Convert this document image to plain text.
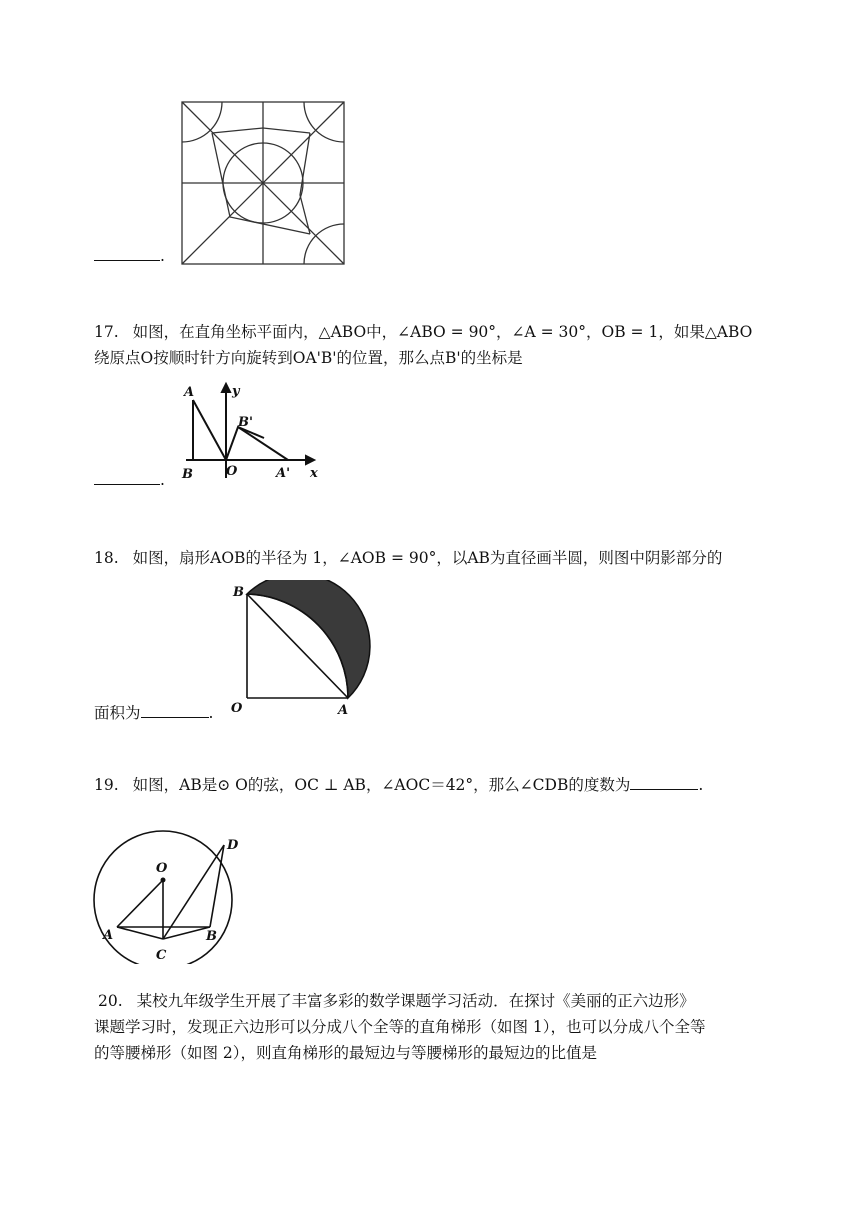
.
17. 如图，在直角坐标平面内，△ABO中，∠ABO = 90°，∠A = 30°，OB = 1，如果△ABO
绕原点O按顺时针方向旋转到OA'B'的位置，那么点B'的坐标是
A	y
B'
B	O	A' x
.
18. 如图，扇形AOB的半径为 1，∠AOB = 90°，以AB为直径画半圆，则图中阴影部分的
B
O	A
面积为	.
19. 如图，AB是⊙ O的弦，OC ⊥ AB，∠AOC＝42°，那么∠CDB的度数为	.
O
D
A	B
C
20. 某校九年级学生开展了丰富多彩的数学课题学习活动．在探讨《美丽的正六边形》
课题学习时，发现正六边形可以分成八个全等的直角梯形（如图 1），也可以分成八个全等
的等腰梯形（如图 2），则直角梯形的最短边与等腰梯形的最短边的比值是
